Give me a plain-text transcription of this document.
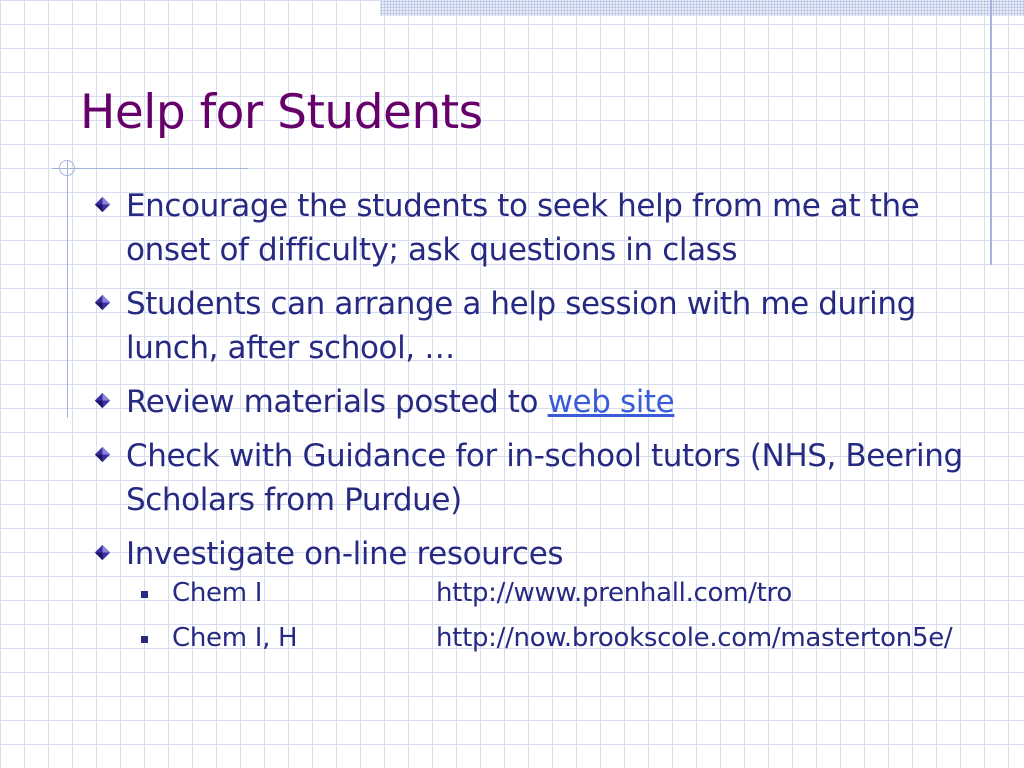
Help for Students
Encourage the students to seek help from me at the onset of difficulty; ask questions in class
Students can arrange a help session with me during lunch, after school, …
Review materials posted to web site
Check with Guidance for in-school tutors (NHS, Beering Scholars from Purdue)
Investigate on-line resources
Chem I	http://www.prenhall.com/tro
Chem I, H	http://now.brookscole.com/masterton5e/
